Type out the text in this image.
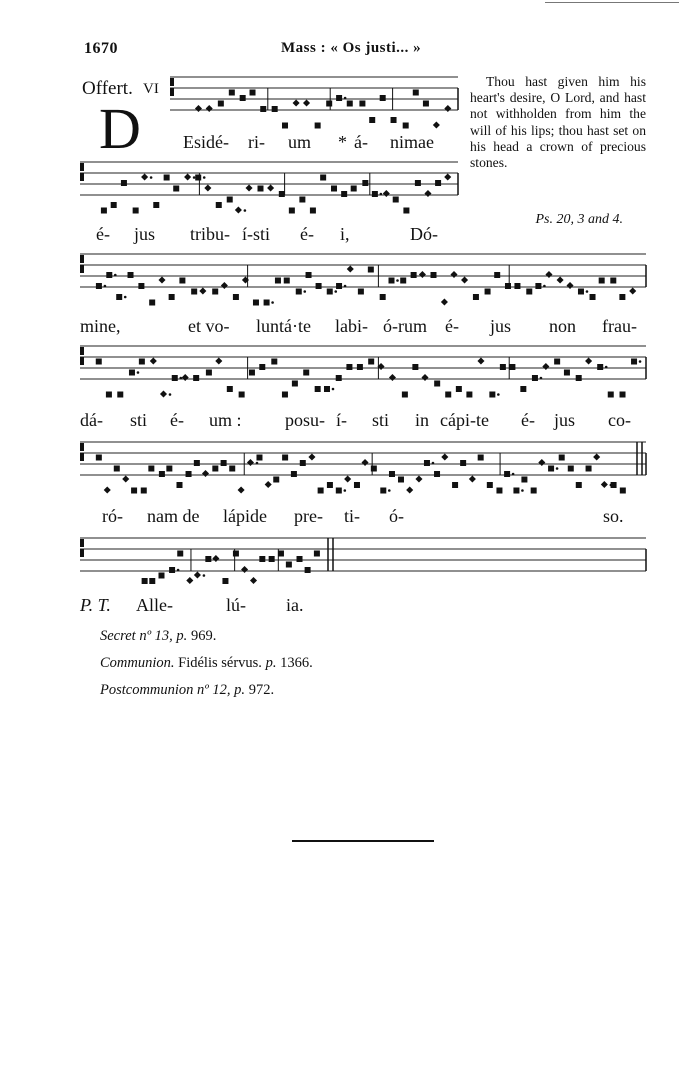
1670	Mass : « Os justi... »
Offert. VI
D
Thou hast given him his heart's desire, O Lord, and hast not withholden from him the will of his lips; thou hast set on his head a crown of precious stones.
Ps. 20, 3 and 4.
Esidé- ri- um * á- nimae
é- jus tribu- í-sti é- i,	Dó-
mine,	et vo- luntá·te labi- ó-rum é- jus non frau-
dá- sti é- um : posu- í- sti in cápi-te é- jus co-
ró- nam de lápide pre- ti- ó-	so.
P. T. Alle-	lú- ia.
Secret nº 13, p. 969.
Communion. Fidélis sérvus. p. 1366.
Postcommunion nº 12, p. 972.
